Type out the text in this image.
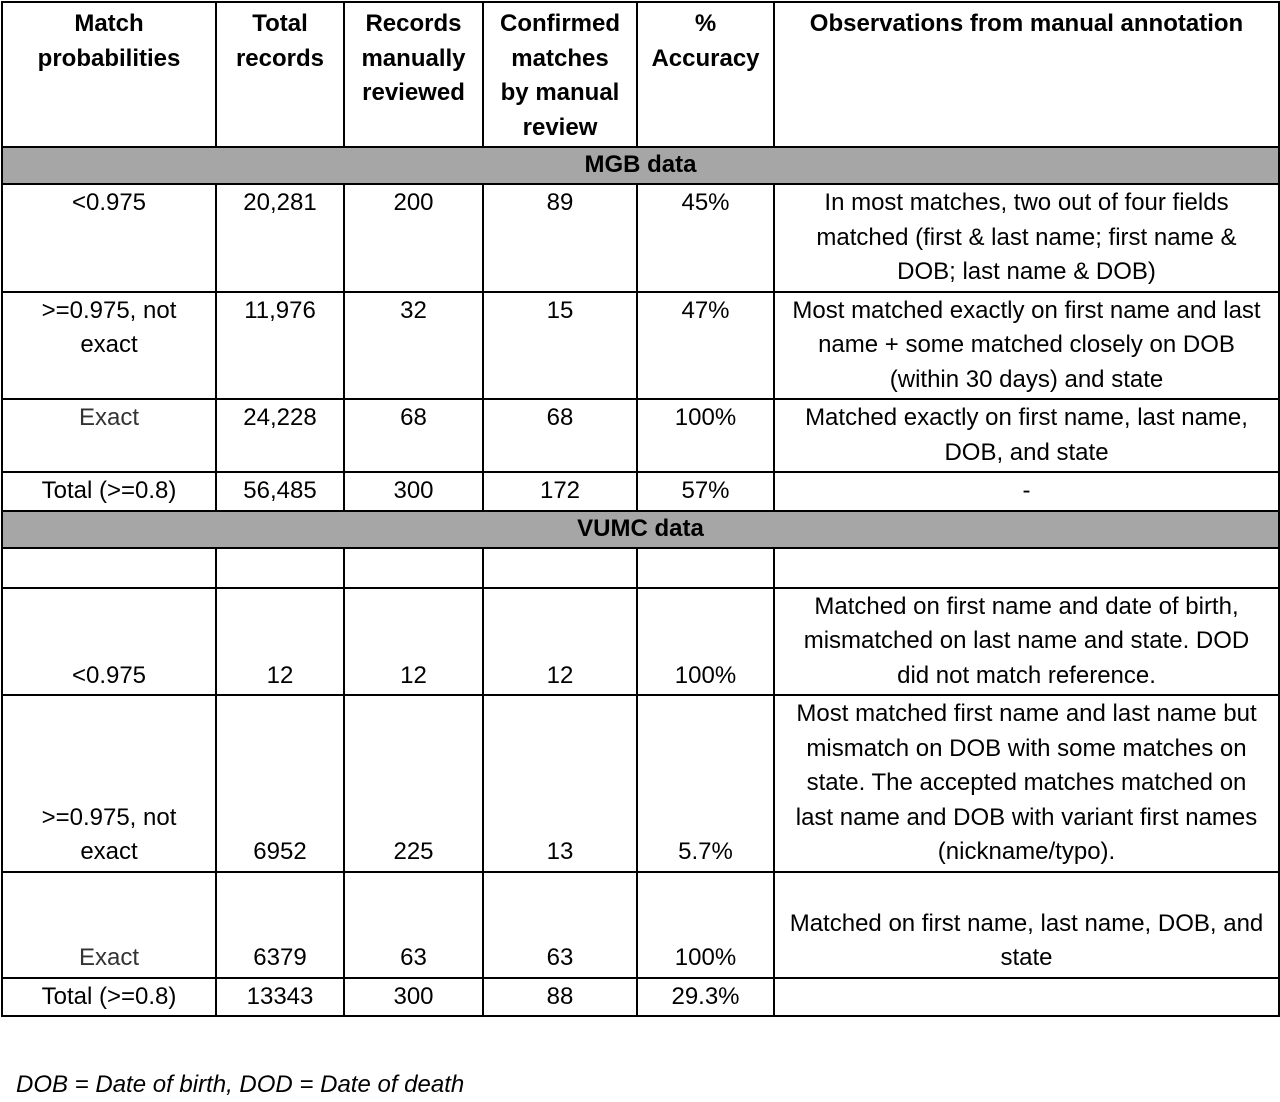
Match probabilities	Total records	Records manually reviewed	Confirmed matches by manual review	% Accuracy	Observations from manual annotation
MGB data					
<0.975	20,281	200	89	45%	In most matches, two out of four fields matched (first & last name; first name & DOB; last name & DOB)
>=0.975, not exact	11,976	32	15	47%	Most matched exactly on first name and last name + some matched closely on DOB (within 30 days) and state
Exact	24,228	68	68	100%	Matched exactly on first name, last name, DOB, and state
Total (>=0.8)	56,485	300	172	57%	-
VUMC data					

<0.975	12	12	12	100%	Matched on first name and date of birth, mismatched on last name and state. DOD did not match reference.
>=0.975, not exact	6952	225	13	5.7%	Most matched first name and last name but mismatch on DOB with some matches on state. The accepted matches matched on last name and DOB with variant first names (nickname/typo).
Exact	6379	63	63	100%	Matched on first name, last name, DOB, and state
Total (>=0.8)	13343	300	88	29.3%	
DOB = Date of birth, DOD = Date of death
